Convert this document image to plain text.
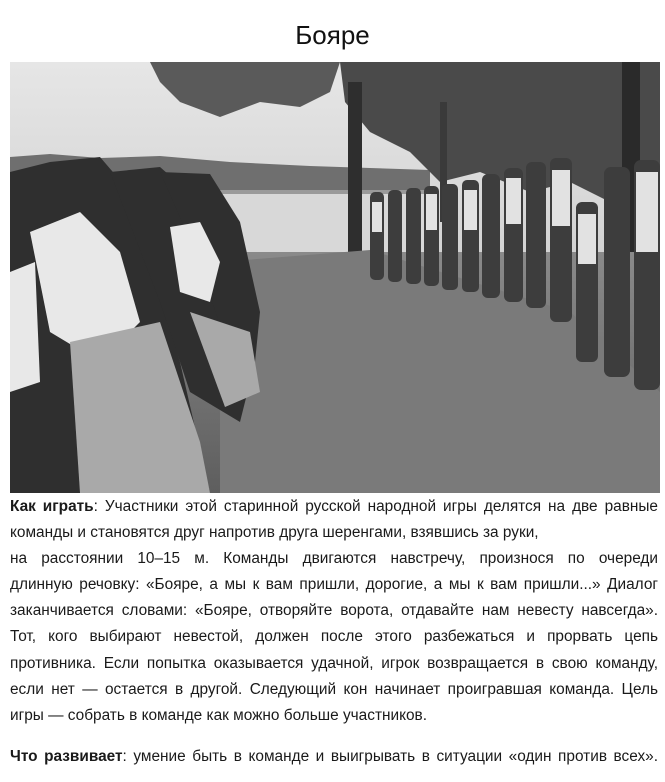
Бояре
Как играть: Участники этой старинной русской народной игры делятся на две равные
команды и становятся друг напротив друга шеренгами, взявшись за руки,
на расстоянии 10–15 м. Команды двигаются навстречу, произнося по очереди
длинную речовку: «Бояре, а мы к вам пришли, дорогие, а мы к вам пришли...» Диалог
заканчивается словами: «Бояре, отворяйте ворота, отдавайте нам невесту навсегда».
Тот, кого выбирают невестой, должен после этого разбежаться и прорвать цепь
противника. Если попытка оказывается удачной, игрок возвращается в свою команду,
если нет — остается в другой. Следующий кон начинает проигравшая команда. Цель
игры — собрать в команде как можно больше участников.
Что развивает: умение быть в команде и выигрывать в ситуации «один против всех».
